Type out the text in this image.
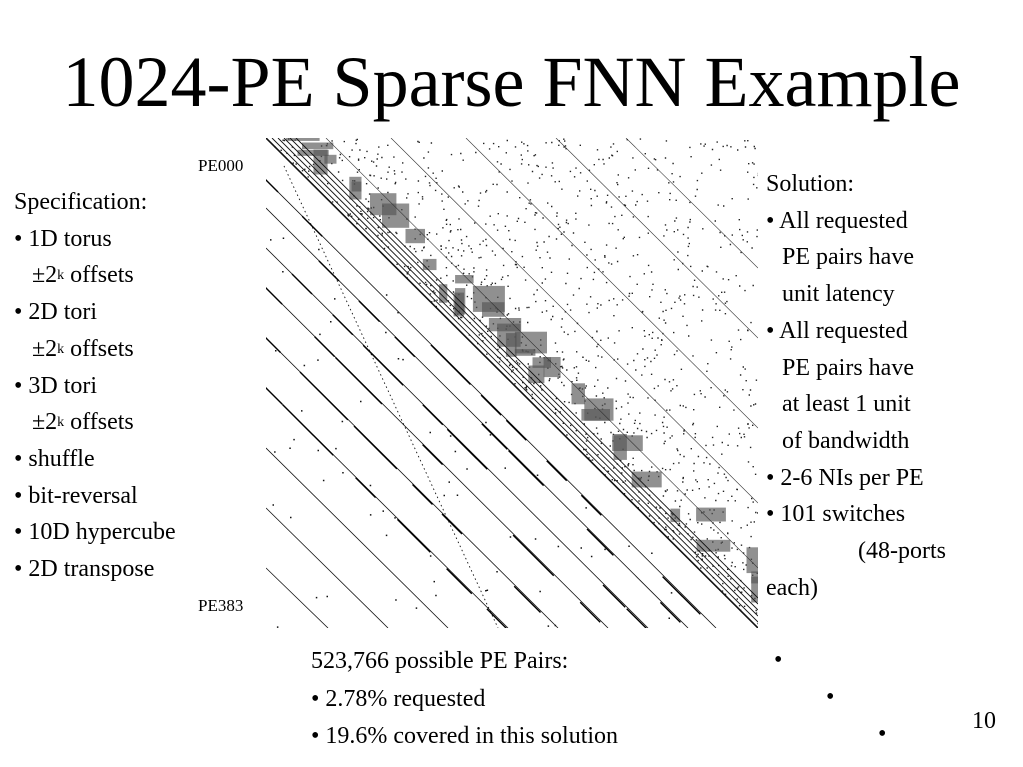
1024-PE Sparse FNN Example
PE000
PE383
Specification:
• 1D torus
$\pm 2^k$ offsets
• 2D tori
$\pm 2^k$ offsets
• 3D tori
$\pm 2^k$ offsets
• shuffle
• bit-reversal
• 10D hypercube
• 2D transpose
Solution:
• All requested
PE pairs have
unit latency
• All requested
PE pairs have
at least 1 unit
of bandwidth
• 2-6 NIs per PE
• 101 switches
(48-ports
each)
523,766 possible PE Pairs:
• 2.78% requested
• 19.6% covered in this solution
•
•
•	10
